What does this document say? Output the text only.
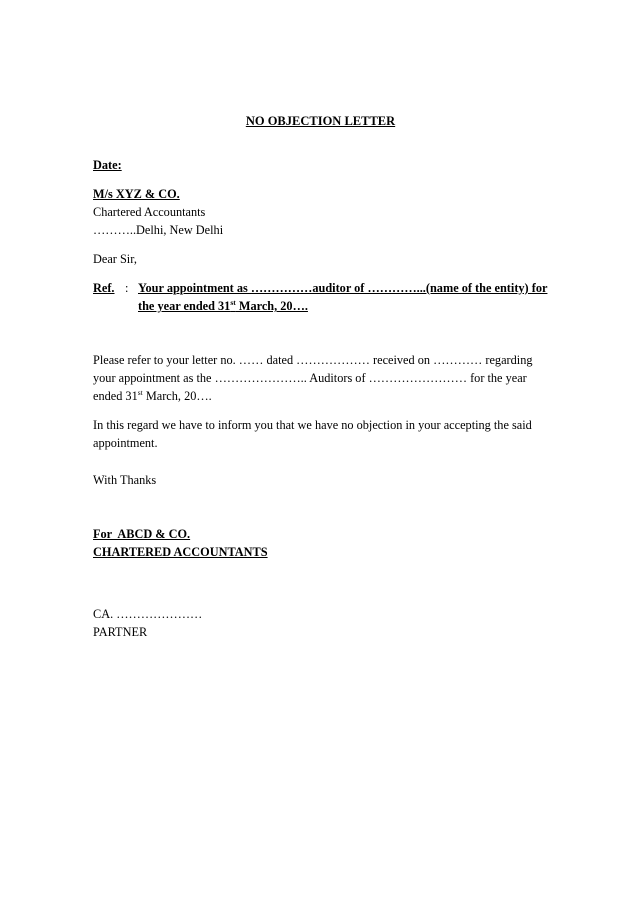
NO OBJECTION LETTER
Date:
M/s XYZ & CO.
Chartered Accountants
………..Delhi, New Delhi
Dear Sir,
Ref. : Your appointment as ……………auditor of …………...(name of the entity) for
the year ended 31st March, 20….
Please refer to your letter no. …… dated ……………… received on ………… regarding
your appointment as the ………………….. Auditors of …………………… for the year
ended 31st March, 20….
In this regard we have to inform you that we have no objection in your accepting the said
appointment.
With Thanks
For  ABCD & CO.
CHARTERED ACCOUNTANTS
CA. …………………
PARTNER
